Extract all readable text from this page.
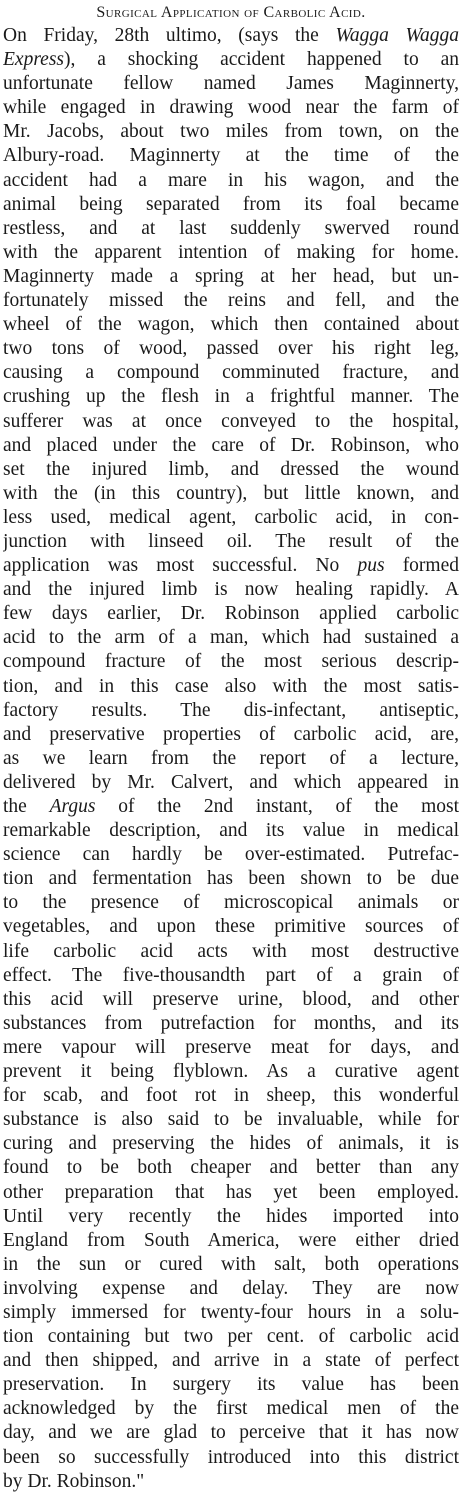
Surgical Application of Carbolic Acid.
On Friday, 28th ultimo, (says the Wagga Wagga
Express), a shocking accident happened to an
unfortunate fellow named James Maginnerty,
while engaged in drawing wood near the farm of
Mr. Jacobs, about two miles from town, on the
Albury-road. Maginnerty at the time of the
accident had a mare in his wagon, and the
animal being separated from its foal became
restless, and at last suddenly swerved round
with the apparent intention of making for home.
Maginnerty made a spring at her head, but un-
fortunately missed the reins and fell, and the
wheel of the wagon, which then contained about
two tons of wood, passed over his right leg,
causing a compound comminuted fracture, and
crushing up the flesh in a frightful manner. The
sufferer was at once conveyed to the hospital,
and placed under the care of Dr. Robinson, who
set the injured limb, and dressed the wound
with the (in this country), but little known, and
less used, medical agent, carbolic acid, in con-
junction with linseed oil. The result of the
application was most successful. No pus formed
and the injured limb is now healing rapidly. A
few days earlier, Dr. Robinson applied carbolic
acid to the arm of a man, which had sustained a
compound fracture of the most serious descrip-
tion, and in this case also with the most satis-
factory results. The dis-infectant, antiseptic,
and preservative properties of carbolic acid, are,
as we learn from the report of a lecture,
delivered by Mr. Calvert, and which appeared in
the Argus of the 2nd instant, of the most
remarkable description, and its value in medical
science can hardly be over-estimated. Putrefac-
tion and fermentation has been shown to be due
to the presence of microscopical animals or
vegetables, and upon these primitive sources of
life carbolic acid acts with most destructive
effect. The five-thousandth part of a grain of
this acid will preserve urine, blood, and other
substances from putrefaction for months, and its
mere vapour will preserve meat for days, and
prevent it being flyblown. As a curative agent
for scab, and foot rot in sheep, this wonderful
substance is also said to be invaluable, while for
curing and preserving the hides of animals, it is
found to be both cheaper and better than any
other preparation that has yet been employed.
Until very recently the hides imported into
England from South America, were either dried
in the sun or cured with salt, both operations
involving expense and delay. They are now
simply immersed for twenty-four hours in a solu-
tion containing but two per cent. of carbolic acid
and then shipped, and arrive in a state of perfect
preservation. In surgery its value has been
acknowledged by the first medical men of the
day, and we are glad to perceive that it has now
been so successfully introduced into this district
by Dr. Robinson."
